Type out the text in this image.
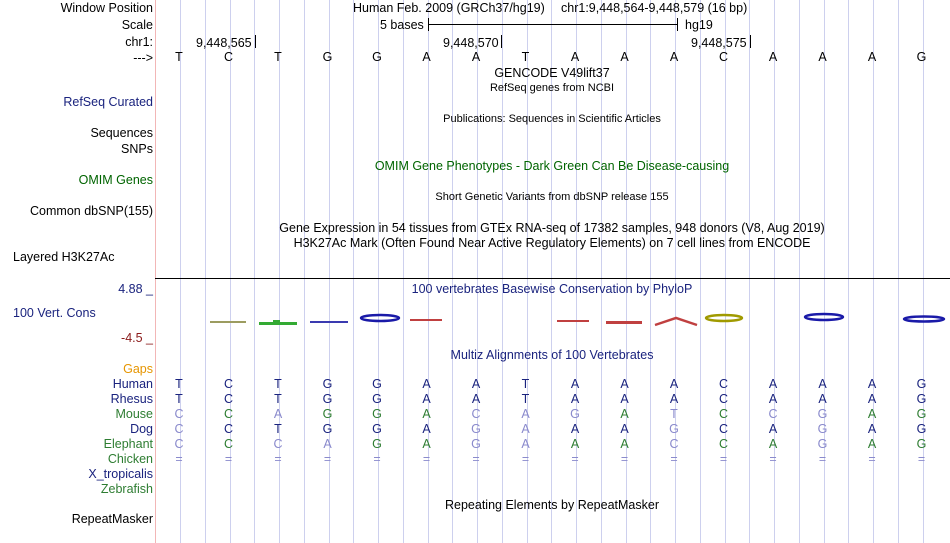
Window Position	Human Feb. 2009 (GRCh37/hg19) chr1:9,448,564-9,448,579 (16 bp)
Scale	5 bases	hg19
chr1:	9,448,565	9,448,570	9,448,575
--->	T	C	T	G	G	A	A	T	A	A	A	C	A	A	A	G
GENCODE V49lift37
RefSeq genes from NCBI
RefSeq Curated
Publications: Sequences in Scientific Articles
Sequences
SNPs
OMIM Gene Phenotypes - Dark Green Can Be Disease-causing
OMIM Genes
Short Genetic Variants from dbSNP release 155
Common dbSNP(155)
Gene Expression in 54 tissues from GTEx RNA-seq of 17382 samples, 948 donors (V8, Aug 2019)
H3K27Ac Mark (Often Found Near Active Regulatory Elements) on 7 cell lines from ENCODE
Layered H3K27Ac
4.88 _	100 vertebrates Basewise Conservation by PhyloP
100 Vert. Cons
-4.5 _
Multiz Alignments of 100 Vertebrates
Gaps
Human	T	C	T	G	G	A	A	T	A	A	A	C	A	A	A	G
Rhesus	T	C	T	G	G	A	A	T	A	A	A	C	A	A	A	G
Mouse	C	C	A	G	G	A	C	A	G	A	T	C	C	G	A	G
Dog	C	C	T	G	G	A	G	A	A	A	G	C	A	G	A	G
Elephant	C	C	C	A	G	A	G	A	A	A	C	C	A	G	A	G
Chicken	=	=	=	=	=	=	=	=	=	=	=	=	=	=	=	=
X_tropicalis
Zebrafish
Repeating Elements by RepeatMasker
RepeatMasker
